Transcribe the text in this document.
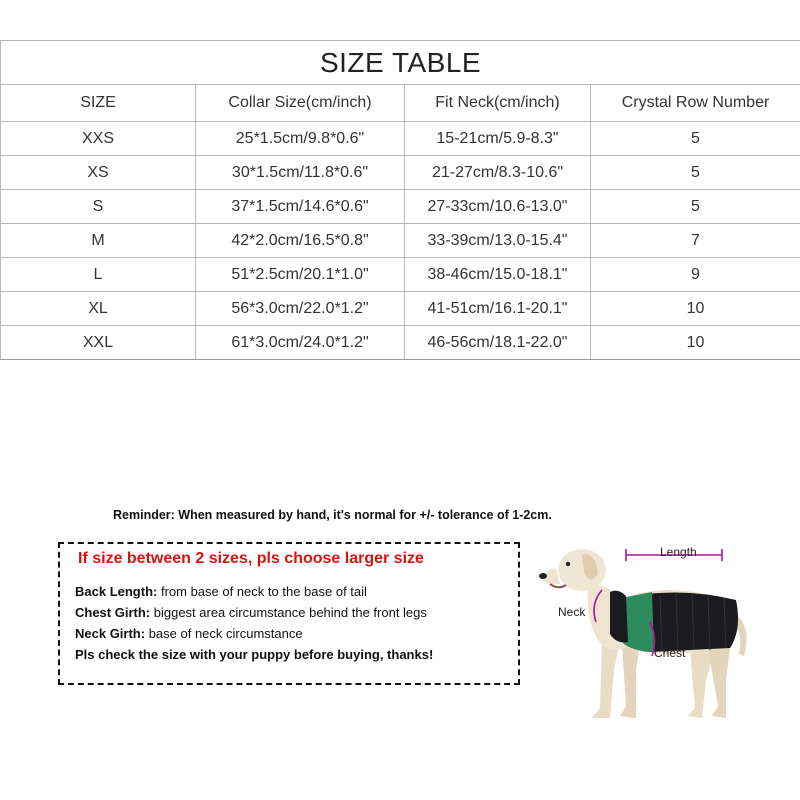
SIZE TABLE			
SIZE	Collar Size(cm/inch)	Fit Neck(cm/inch)	Crystal Row Number
XXS	25*1.5cm/9.8*0.6"	15-21cm/5.9-8.3"	5
XS	30*1.5cm/11.8*0.6"	21-27cm/8.3-10.6"	5
S	37*1.5cm/14.6*0.6"	27-33cm/10.6-13.0"	5
M	42*2.0cm/16.5*0.8"	33-39cm/13.0-15.4"	7
L	51*2.5cm/20.1*1.0"	38-46cm/15.0-18.1"	9
XL	56*3.0cm/22.0*1.2"	41-51cm/16.1-20.1"	10
XXL	61*3.0cm/24.0*1.2"	46-56cm/18.1-22.0"	10
Reminder: When measured by hand, it's normal for +/- tolerance of 1-2cm.
If size between 2 sizes, pls choose larger size
Back Length: from base of neck to the base of tail
Chest Girth: biggest area circumstance behind the front legs
Neck Girth: base of neck circumstance
Pls check the size with your puppy before buying, thanks!
Length
Neck
Chest
